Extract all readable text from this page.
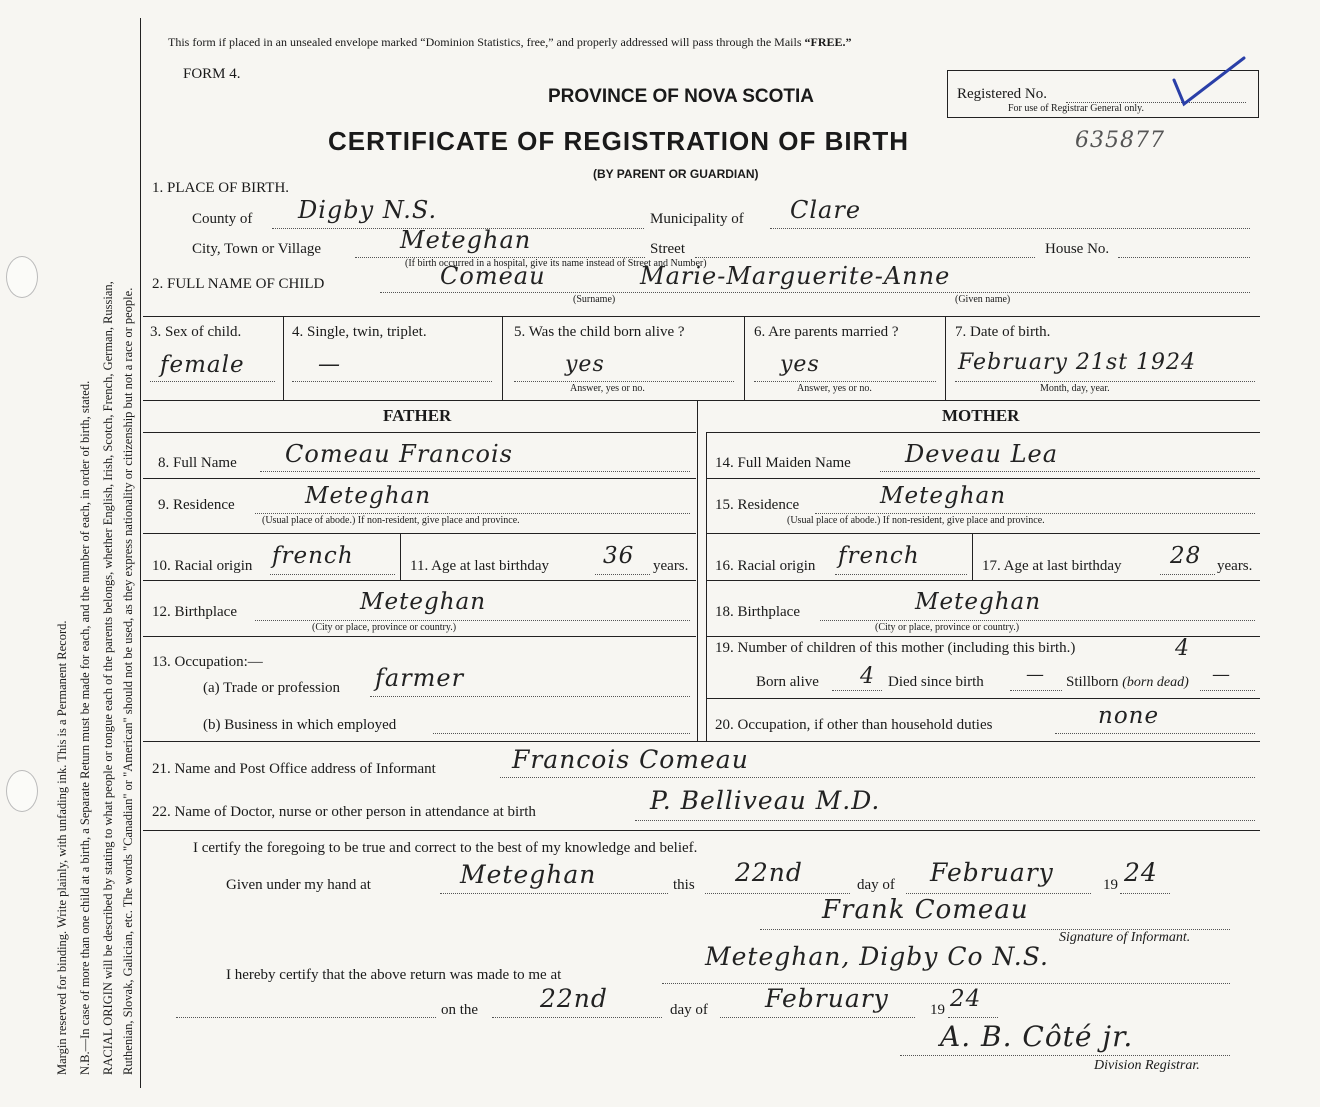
Margin reserved for binding. Write plainly, with unfading ink. This is a Permanent Record. N.B.—In case of more than one child at a birth, a Separate Return must be made for each, and the number of each, in order of birth, stated. RACIAL ORIGIN will be described by stating to what people or tongue each of the parents belongs, whether English, Irish, Scotch, French, German, Russian, Ruthenian, Slovak, Galician, etc. The words "Canadian" or "American" should not be used, as they express nationality or citizenship but not a race or people.
This form if placed in an unsealed envelope marked “Dominion Statistics, free,” and properly addressed will pass through the Mails “FREE.”
FORM 4.
PROVINCE OF NOVA SCOTIA	Registered No.
For use of Registrar General only.
CERTIFICATE OF REGISTRATION OF BIRTH	635877
(BY PARENT OR GUARDIAN)
1. PLACE OF BIRTH.
County of Digby N.S.	Municipality of Clare
City, Town or Village	Meteghan	Street	House No.
(If birth occurred in a hospital, give its name instead of Street and Number)
2. FULL NAME OF CHILD	Comeau	Marie-Marguerite-Anne
(Surname)	(Given name)
3. Sex of child.
female
4. Single, twin, triplet.
—
5. Was the child born alive ?
yes
Answer, yes or no.
6. Are parents married ?
yes
Answer, yes or no.
7. Date of birth.
February 21st 1924
Month, day, year.
FATHER	MOTHER
8. Full Name Comeau Francois	14. Full Maiden Name Deveau Lea
9. Residence	Meteghan
(Usual place of abode.) If non-resident, give place and province.
15. Residence	Meteghan
(Usual place of abode.) If non-resident, give place and province.
10. Racial origin french	11. Age at last birthday 36 years. 16. Racial origin french	17. Age at last birthday 28 years.
12. Birthplace	Meteghan
(City or place, province or country.)
18. Birthplace	Meteghan
(City or place, province or country.)
13. Occupation:—
(a) Trade or profession farmer
(b) Business in which employed
19. Number of children of this mother (including this birth.)	4
Born alive 4 Died since birth — Stillborn (born dead) —
20. Occupation, if other than household duties	none
21. Name and Post Office address of Informant	Francois Comeau
22. Name of Doctor, nurse or other person in attendance at birth	P. Belliveau M.D.
I certify the foregoing to be true and correct to the best of my knowledge and belief.
Given under my hand at	Meteghan	this 22nd	day of February	19 24
Frank Comeau
Signature of Informant.
I hereby certify that the above return was made to me at
Meteghan, Digby Co N.S.
on the 22nd	day of February	19 24
A. B. Côté jr.
Division Registrar.
